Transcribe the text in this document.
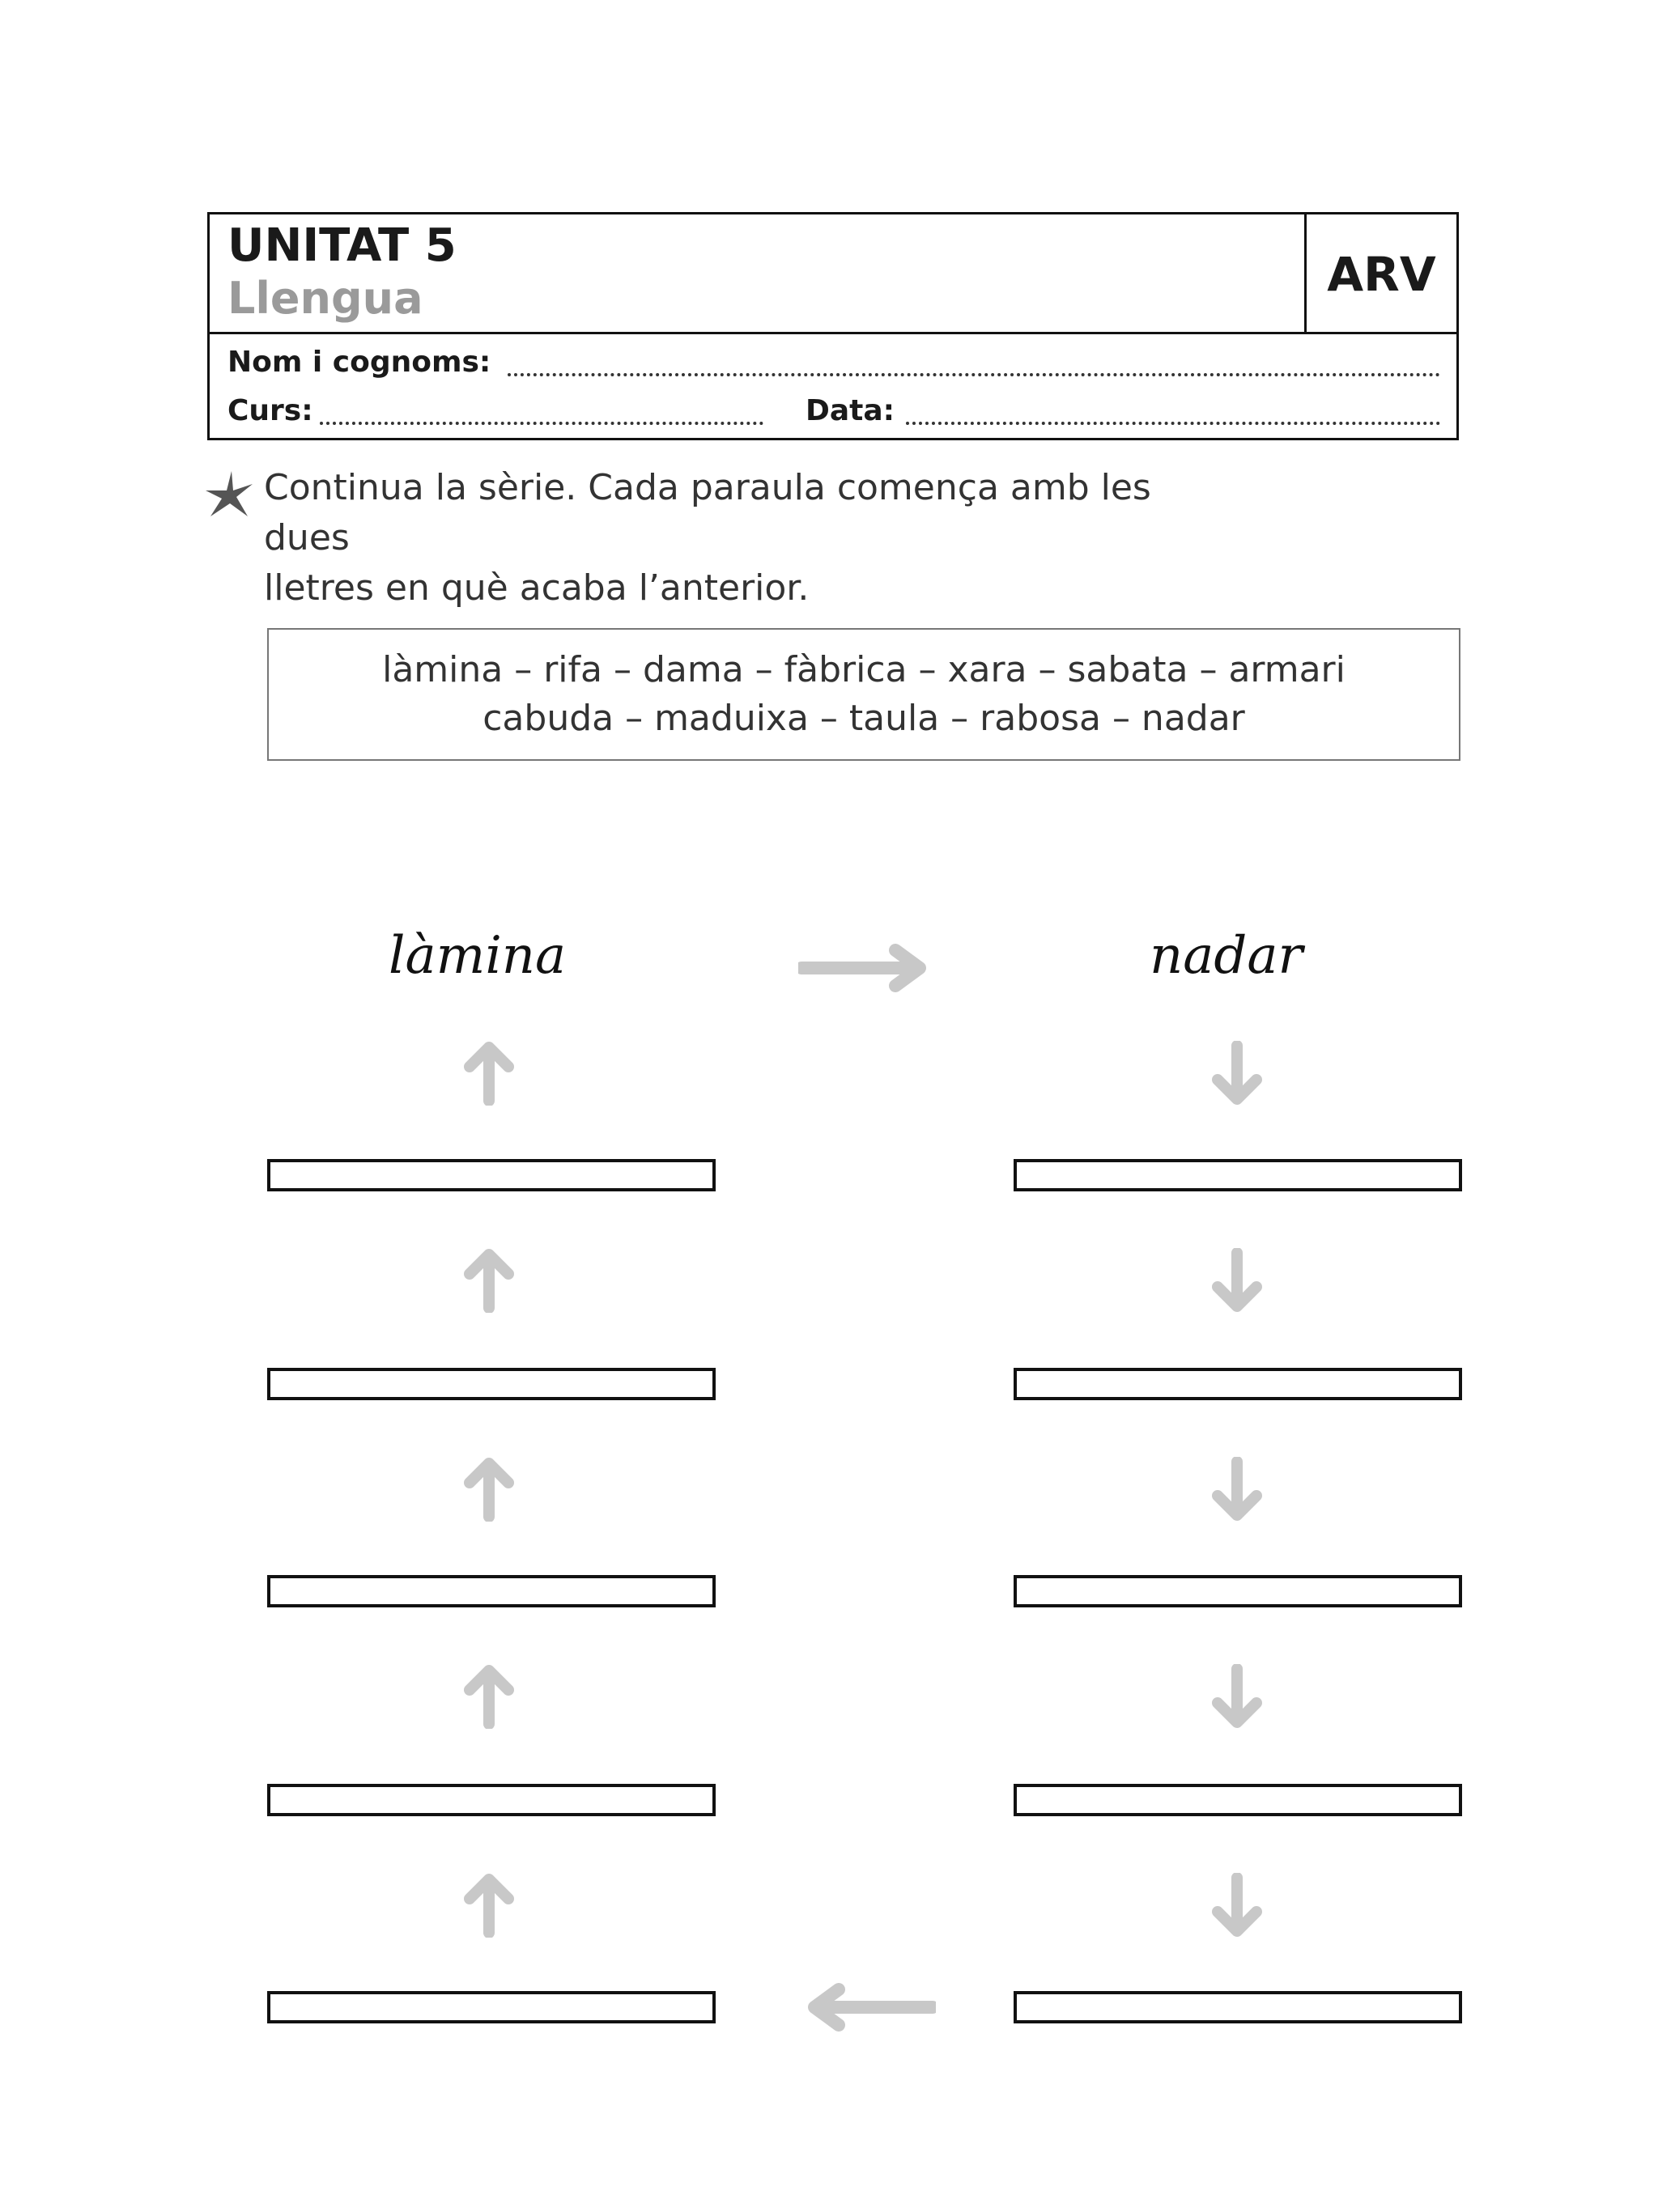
UNITAT 5
Llengua	ARV
Nom i cognoms:
Curs:	Data:
Continua la sèrie. Cada paraula comença amb les dues
lletres en què acaba l’anterior.
làmina – rifa – dama – fàbrica – xara – sabata – armari
cabuda – maduixa – taula – rabosa – nadar
làmina	nadar
